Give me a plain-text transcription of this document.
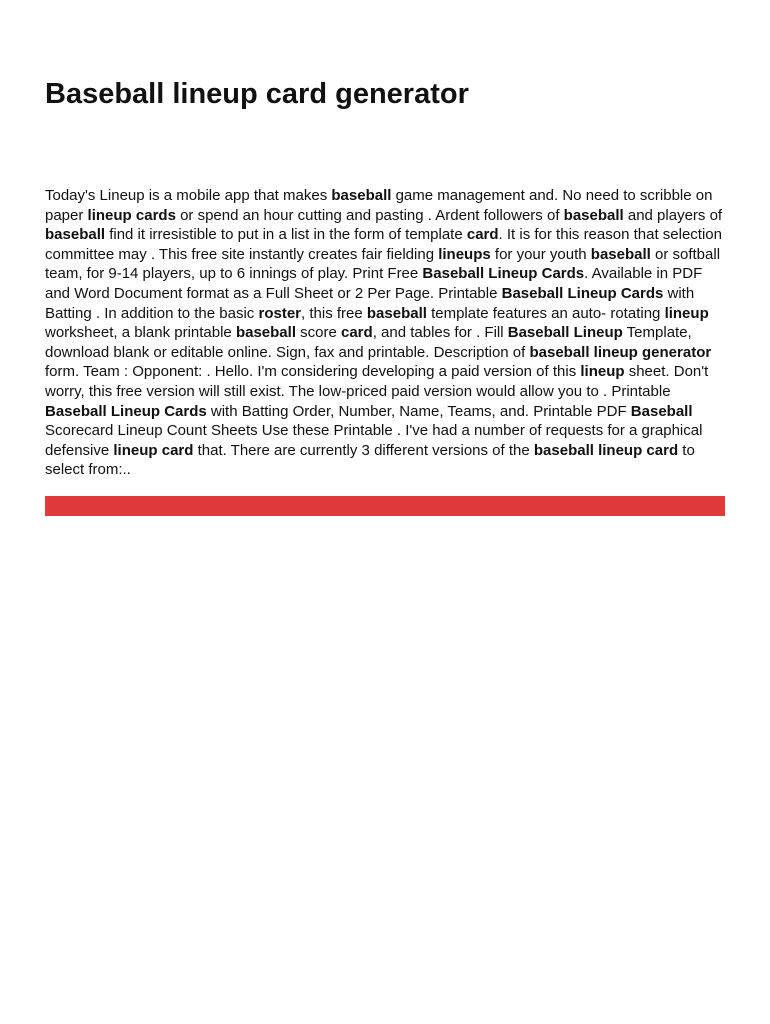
Baseball lineup card generator

Today's Lineup is a mobile app that makes baseball game management and. No need to scribble on paper lineup cards or spend an hour cutting and pasting . Ardent followers of baseball and players of baseball find it irresistible to put in a list in the form of template card. It is for this reason that selection committee may . This free site instantly creates fair fielding lineups for your youth baseball or softball team, for 9-14 players, up to 6 innings of play. Print Free Baseball Lineup Cards. Available in PDF and Word Document format as a Full Sheet or 2 Per Page. Printable Baseball Lineup Cards with Batting . In addition to the basic roster, this free baseball template features an auto- rotating lineup worksheet, a blank printable baseball score card, and tables for . Fill Baseball Lineup Template, download blank or editable online. Sign, fax and printable. Description of baseball lineup generator form. Team : Opponent: . Hello. I'm considering developing a paid version of this lineup sheet. Don't worry, this free version will still exist. The low-priced paid version would allow you to . Printable Baseball Lineup Cards with Batting Order, Number, Name, Teams, and. Printable PDF Baseball Scorecard Lineup Count Sheets Use these Printable . I've had a number of requests for a graphical defensive lineup card that. There are currently 3 different versions of the baseball lineup card to select from:..
